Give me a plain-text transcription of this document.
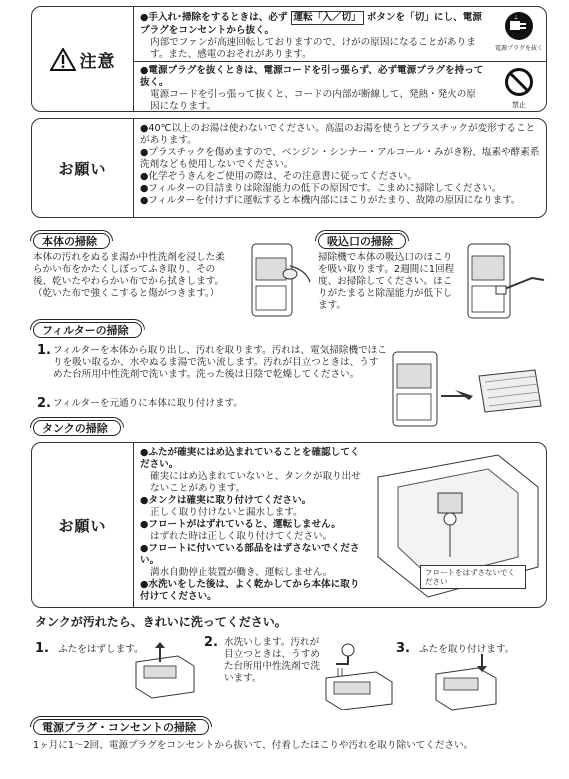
注意
●手入れ･掃除をするときは、必ず 運転「入／切」 ボタンを「切」にし、電源プラグをコンセントから抜く。

内部でファンが高速回転しておりますので、けがの原因になることがあります。また、感電のおそれがあります。
⏚
電源プラグを抜く
●電源プラグを抜くときは、電源コードを引っ張らず、必ず電源プラグを持って抜く。

電源コードを引っ張って抜くと、コードの内部が断線して、発熱・発火の原因になります。	禁止
お願い
●40℃以上のお湯は使わないでください。高温のお湯を使うとプラスチックが変形することがあります。
●プラスチックを傷めますので、ベンジン・シンナー・アルコール・みがき粉、塩素や酵素系洗剤なども使用しないでください。
●化学ぞうきんをご使用の際は、その注意書に従ってください。
●フィルターの目詰まりは除湿能力の低下の原因です。こまめに掃除してください。
●フィルターを付けずに運転すると本機内部にほこりがたまり、故障の原因になります。
本体の掃除
本体の汚れをぬるま湯か中性洗剤を浸した柔らかい布をかたくしぼってふき取り、その後、乾いたやわらかい布でから拭きします。
（乾いた布で強くこすると傷がつきます。）
吸込口の掃除
掃除機で本体の吸込口のほこりを吸い取ります。2週間に1回程度、お掃除してください。ほこりがたまると除湿能力が低下します。
フィルターの掃除
1. フィルターを本体から取り出し、汚れを取ります。汚れは、電気掃除機でほこりを吸い取るか、水やぬるま湯で洗い流します。汚れが目立つときは、うすめた台所用中性洗剤で洗います。洗った後は日陰で乾燥してください。
2. フィルターを元通りに本体に取り付けます。
タンクの掃除
お願い
●ふたが確実にはめ込まれていることを確認してください。

確実にはめ込まれていないと、タンクが取り出せないことがあります。
●タンクは確実に取り付けてください。

正しく取り付けないと漏水します。
●フロートがはずれていると、運転しません。

はずれた時は正しく取り付けてください。
●フロートに付いている部品をはずさないでください。

満水自動停止装置が働き、運転しません。
●水洗いをした後は、よく乾かしてから本体に取り付けてください。
フロートをはずさないでください
タンクが汚れたら、きれいに洗ってください。
1. ふたをはずします。	2. 水洗いします。汚れが目立つときは、うすめた台所用中性洗剤で洗います。
3. ふたを取り付けます。
電源プラグ・コンセントの掃除
1ヶ月に1～2回、電源プラグをコンセントから抜いて、付着したほこりや汚れを取り除いてください。
